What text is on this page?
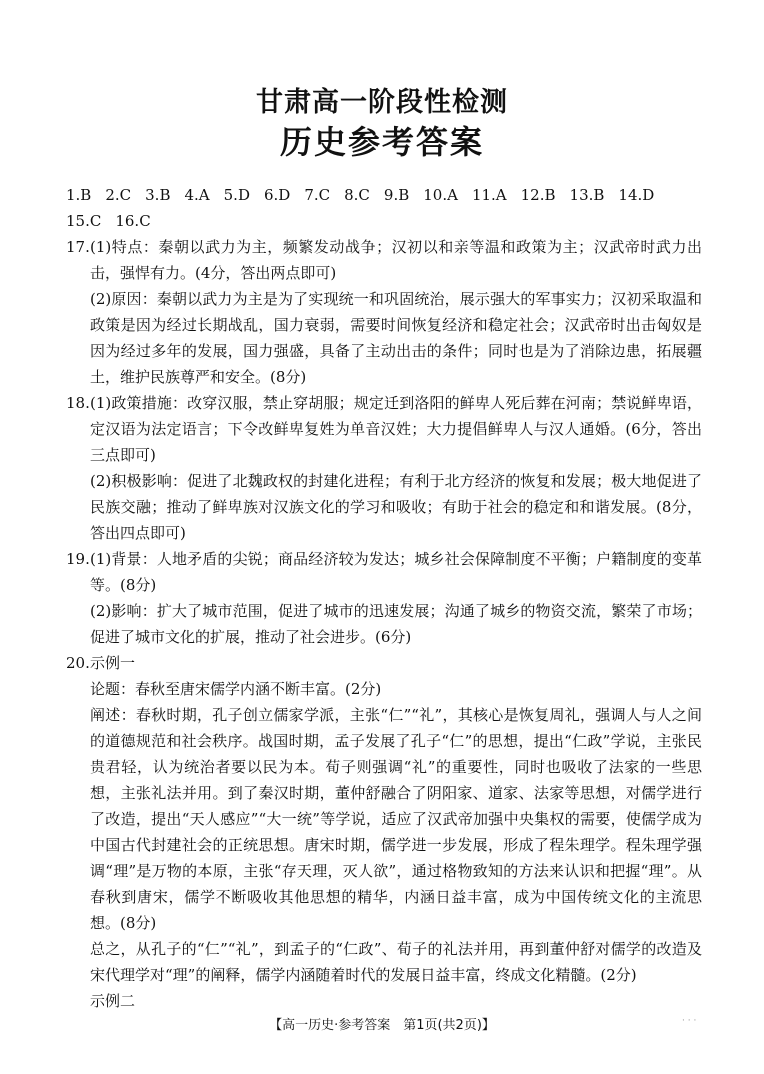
甘肃高一阶段性检测
历史参考答案
1.B 2.C 3.B 4.A 5.D 6.D 7.C 8.C 9.B 10.A 11.A 12.B 13.B 14.D
15.C 16.C
17. (1)特点：秦朝以武力为主，频繁发动战争；汉初以和亲等温和政策为主；汉武帝时武力出击，强悍有力。(4分，答出两点即可)

(2)原因：秦朝以武力为主是为了实现统一和巩固统治，展示强大的军事实力；汉初采取温和政策是因为经过长期战乱，国力衰弱，需要时间恢复经济和稳定社会；汉武帝时出击匈奴是因为经过多年的发展，国力强盛，具备了主动出击的条件；同时也是为了消除边患，拓展疆土，维护民族尊严和安全。(8分)

18. (1)政策措施：改穿汉服，禁止穿胡服；规定迁到洛阳的鲜卑人死后葬在河南；禁说鲜卑语，定汉语为法定语言；下令改鲜卑复姓为单音汉姓；大力提倡鲜卑人与汉人通婚。(6分，答出三点即可)

(2)积极影响：促进了北魏政权的封建化进程；有利于北方经济的恢复和发展；极大地促进了民族交融；推动了鲜卑族对汉族文化的学习和吸收；有助于社会的稳定和和谐发展。(8分，答出四点即可)

19. (1)背景：人地矛盾的尖锐；商品经济较为发达；城乡社会保障制度不平衡；户籍制度的变革等。(8分)

(2)影响：扩大了城市范围，促进了城市的迅速发展；沟通了城乡的物资交流，繁荣了市场；促进了城市文化的扩展，推动了社会进步。(6分)

20. 示例一

论题：春秋至唐宋儒学内涵不断丰富。(2分)

阐述：春秋时期，孔子创立儒家学派，主张“仁”“礼”，其核心是恢复周礼，强调人与人之间的道德规范和社会秩序。战国时期，孟子发展了孔子“仁”的思想，提出“仁政”学说，主张民贵君轻，认为统治者要以民为本。荀子则强调“礼”的重要性，同时也吸收了法家的一些思想，主张礼法并用。到了秦汉时期，董仲舒融合了阴阳家、道家、法家等思想，对儒学进行了改造，提出“天人感应”“大一统”等学说，适应了汉武帝加强中央集权的需要，使儒学成为中国古代封建社会的正统思想。唐宋时期，儒学进一步发展，形成了程朱理学。程朱理学强调“理”是万物的本原，主张“存天理，灭人欲”，通过格物致知的方法来认识和把握“理”。从春秋到唐宋，儒学不断吸收其他思想的精华，内涵日益丰富，成为中国传统文化的主流思想。(8分)

总之，从孔子的“仁”“礼”，到孟子的“仁政”、荀子的礼法并用，再到董仲舒对儒学的改造及宋代理学对“理”的阐释，儒学内涵随着时代的发展日益丰富，终成文化精髓。(2分)

示例二

【高一历史·参考答案　第1页(共2页)】	· · ·
